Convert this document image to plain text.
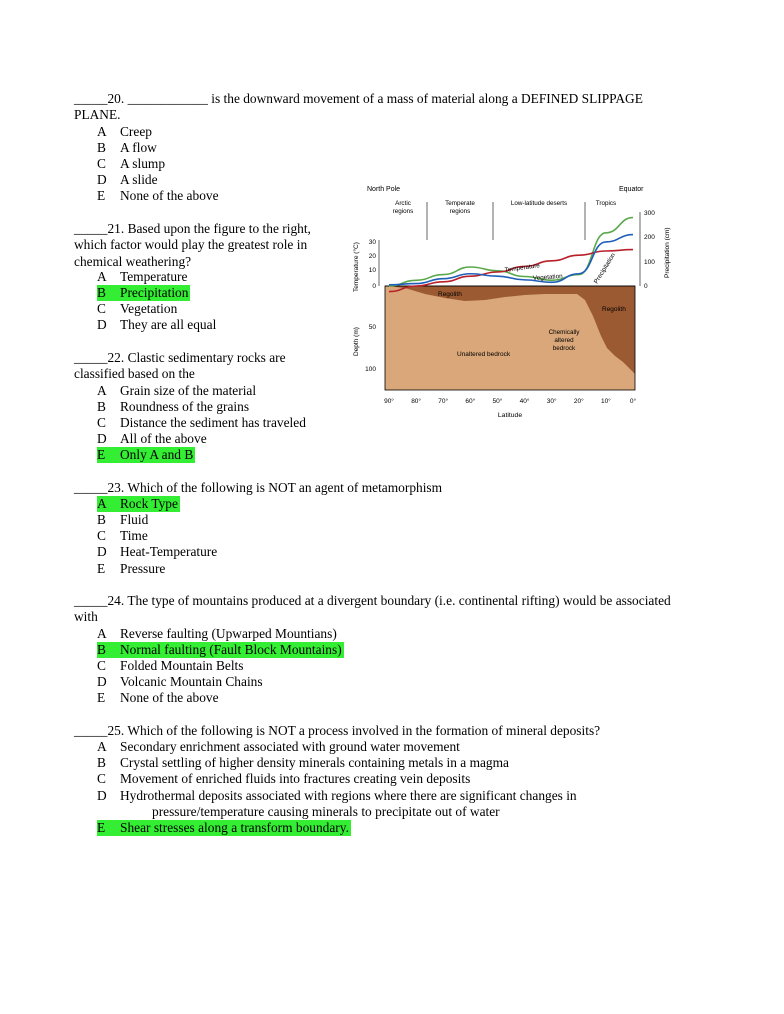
_____20. ____________ is the downward movement of a mass of material along a DEFINED SLIPPAGE
PLANE.
A Creep
B A flow
C A slump
D A slide
E None of the above
_____21. Based upon the figure to the right,
which factor would play the greatest role in
chemical weathering?
A Temperature
B Precipitation
C Vegetation
D They are all equal
_____22. Clastic sedimentary rocks are
classified based on the
A Grain size of the material
B Roundness of the grains
C Distance the sediment has traveled
D All of the above
E Only A and B
_____23. Which of the following is NOT an agent of metamorphism
A Rock Type
B Fluid
C Time
D Heat-Temperature
E Pressure
_____24. The type of mountains produced at a divergent boundary (i.e. continental rifting) would be associated
with
A Reverse faulting (Upwarped Mountians)
B Normal faulting (Fault Block Mountains)
C Folded Mountain Belts
D Volcanic Mountain Chains
E None of the above
_____25. Which of the following is NOT a process involved in the formation of mineral deposits?
A Secondary enrichment associated with ground water movement
B Crystal settling of higher density minerals containing metals in a magma
C Movement of enriched fluids into fractures creating vein deposits
D Hydrothermal deposits associated with regions where there are significant changes in
pressure/temperature causing minerals to precipitate out of water
E Shear stresses along a transform boundary.
North Pole	Equator
Arctic
regions
Temperate
regions
Low-latitude deserts	Tropics
30
20
10
0
Temperature (°C)
300
200
100
0
Precipitation (cm)
50
100
Depth (m)
Temperature
Vegetation	Precipitation
Regolith
Regolith
Chemically
altered
bedrock
Unaltered bedrock
90°	80°	70°	60°	50°	40°	30°	20°	10°	0°
Latitude
